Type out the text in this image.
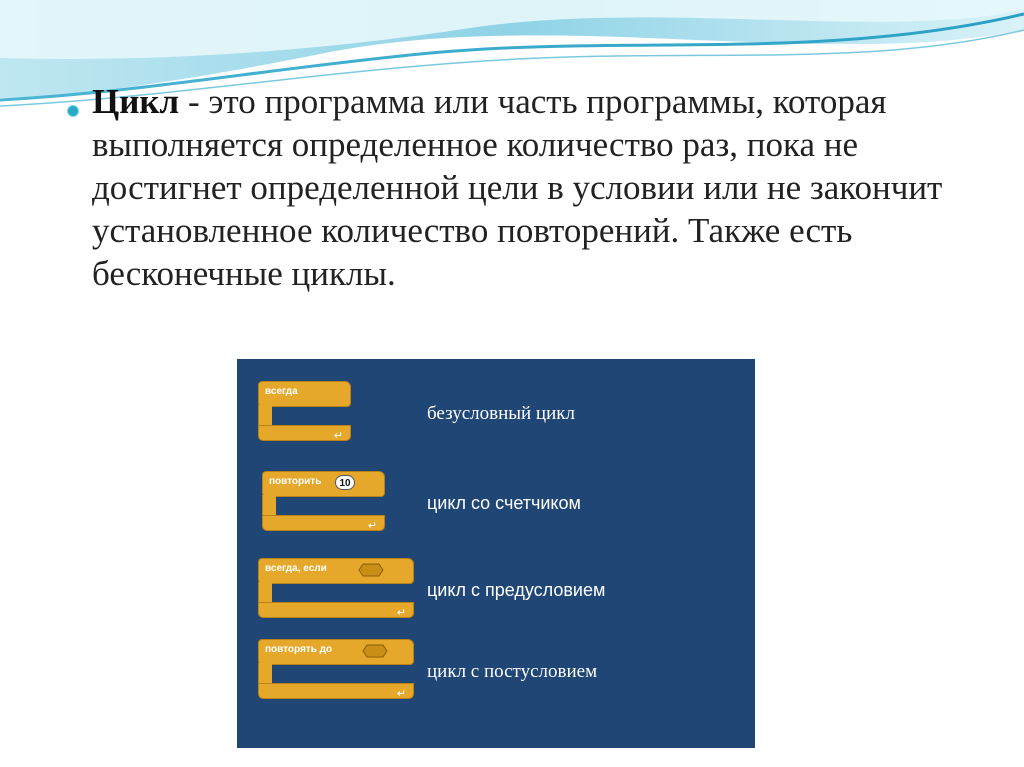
Цикл - это программа или часть программы, которая выполняется определенное количество раз, пока не достигнет определенной цели в условии или не закончит установленное количество повторений. Также есть бесконечные циклы.
всегда
↵
безусловный цикл
повторить	10
↵
цикл со счетчиком
всегда, если
↵
цикл с предусловием
повторять до
↵
цикл с постусловием
